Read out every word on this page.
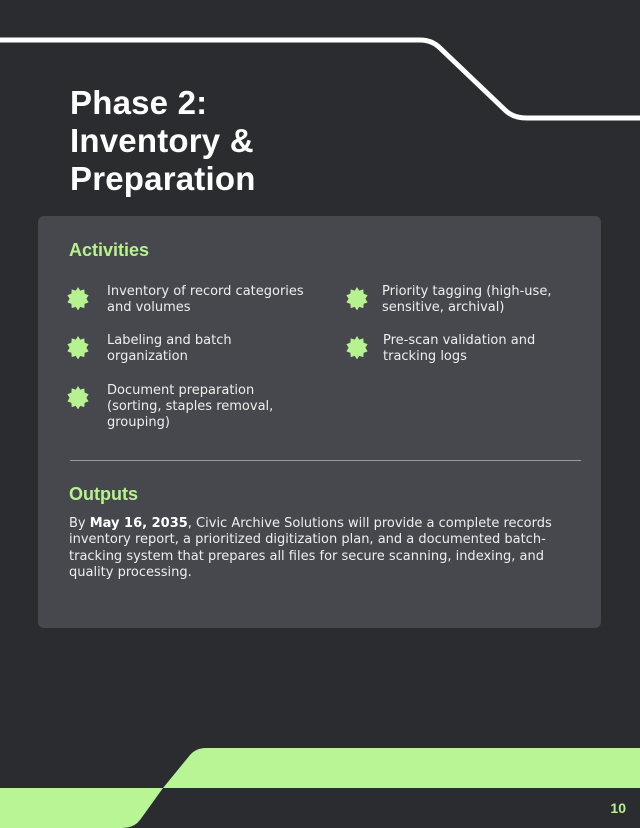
Phase 2:
Inventory &
Preparation
Activities
Inventory of record categories
and volumes
Labeling and batch
organization
Document preparation
(sorting, staples removal,
grouping)
Priority tagging (high-use,
sensitive, archival)
Pre-scan validation and
tracking logs
Outputs

By May 16, 2035, Civic Archive Solutions will provide a complete records inventory report, a prioritized digitization plan, and a documented batch-tracking system that prepares all files for secure scanning, indexing, and quality processing.

10
